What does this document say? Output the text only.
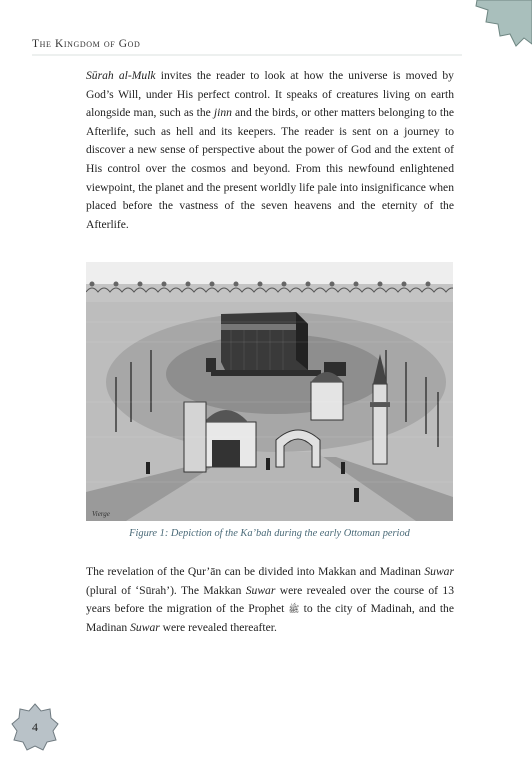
The Kingdom of God
Sūrah al-Mulk invites the reader to look at how the universe is moved by God’s Will, under His perfect control. It speaks of creatures living on earth alongside man, such as the jinn and the birds, or other matters belonging to the Afterlife, such as hell and its keepers. The reader is sent on a journey to discover a new sense of perspective about the power of God and the extent of His control over the cosmos and beyond. From this newfound enlightened viewpoint, the planet and the present worldly life pale into insignificance when placed before the vastness of the seven heavens and the eternity of the Afterlife.
Vierge
Figure 1: Depiction of the Ka’bah during the early Ottoman period
The revelation of the Qur’ān can be divided into Makkan and Madinan Suwar (plural of ‘Sūrah’). The Makkan Suwar were revealed over the course of 13 years before the migration of the Prophet ﷺ to the city of Madinah, and the Madinan Suwar were revealed thereafter.
4
